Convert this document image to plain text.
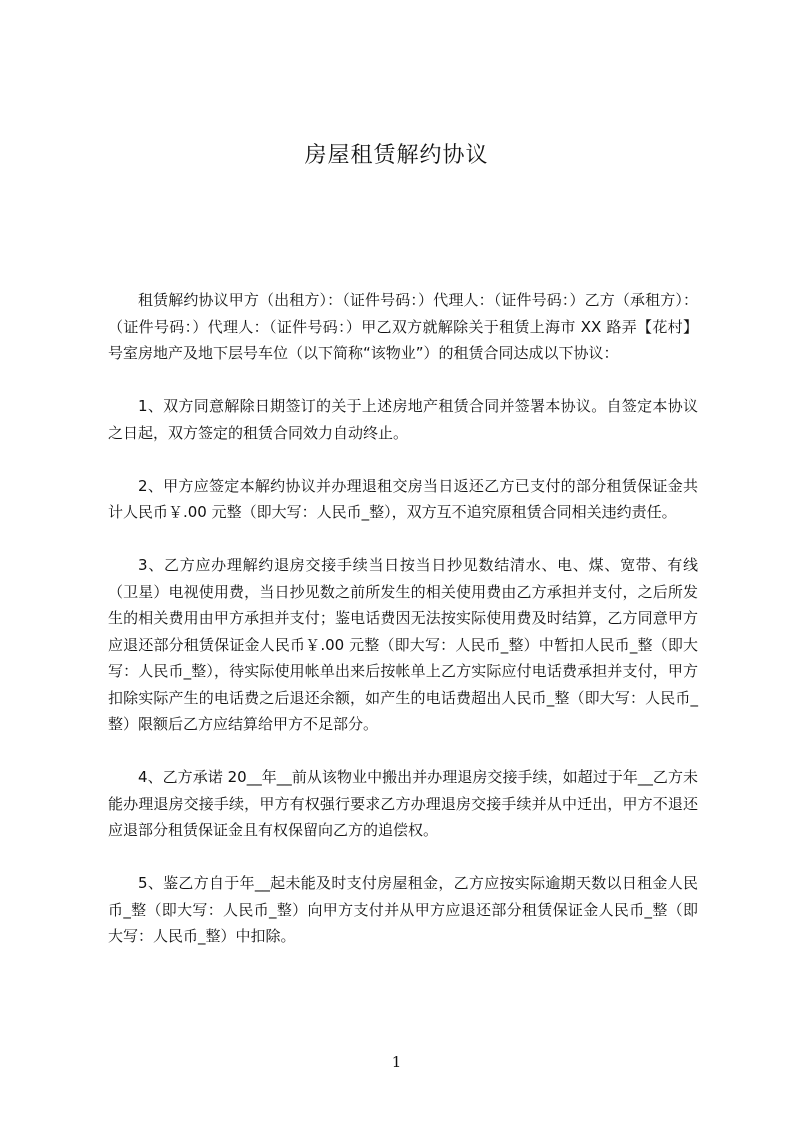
房屋租赁解约协议

租赁解约协议甲方（出租方）：（证件号码：）代理人：（证件号码：）乙方（承租方）：（证件号码：）代理人：（证件号码：）甲乙双方就解除关于租赁上海市 XX 路弄【花村】号室房地产及地下层号车位（以下简称“该物业”）的租赁合同达成以下协议：

1、双方同意解除日期签订的关于上述房地产租赁合同并签署本协议。自签定本协议之日起，双方签定的租赁合同效力自动终止。

2、甲方应签定本解约协议并办理退租交房当日返还乙方已支付的部分租赁保证金共计人民币￥.00 元整（即大写：人民币_整），双方互不追究原租赁合同相关违约责任。

3、乙方应办理解约退房交接手续当日按当日抄见数结清水、电、煤、宽带、有线（卫星）电视使用费，当日抄见数之前所发生的相关使用费由乙方承担并支付，之后所发生的相关费用由甲方承担并支付；鉴电话费因无法按实际使用费及时结算，乙方同意甲方应退还部分租赁保证金人民币￥.00 元整（即大写：人民币_整）中暂扣人民币_整（即大写：人民币_整），待实际使用帐单出来后按帐单上乙方实际应付电话费承担并支付，甲方扣除实际产生的电话费之后退还余额，如产生的电话费超出人民币_整（即大写：人民币_整）限额后乙方应结算给甲方不足部分。

4、乙方承诺 20__年__前从该物业中搬出并办理退房交接手续，如超过于年__乙方未能办理退房交接手续，甲方有权强行要求乙方办理退房交接手续并从中迁出，甲方不退还应退部分租赁保证金且有权保留向乙方的追偿权。

5、鉴乙方自于年__起未能及时支付房屋租金，乙方应按实际逾期天数以日租金人民币_整（即大写：人民币_整）向甲方支付并从甲方应退还部分租赁保证金人民币_整（即大写：人民币_整）中扣除。

1
